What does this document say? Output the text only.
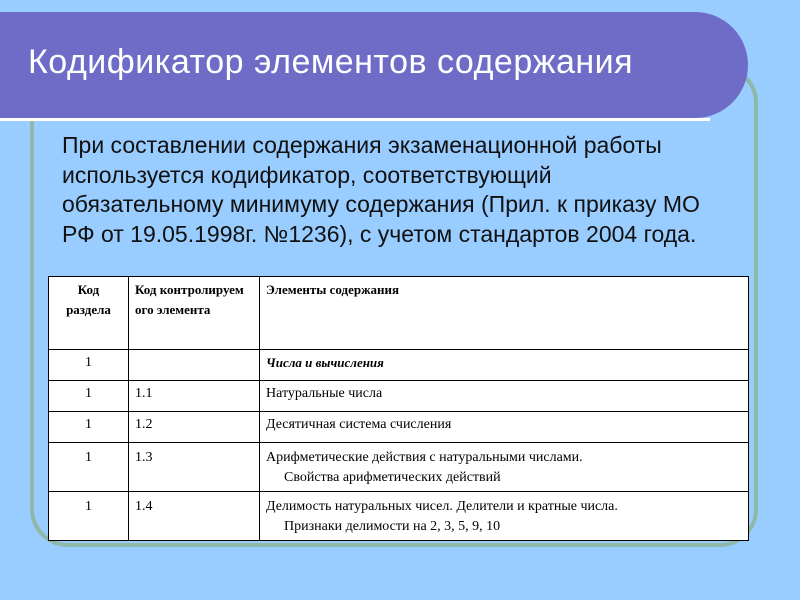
Кодификатор элементов содержания
При составлении содержания экзаменационной работы используется кодификатор, соответствующий обязательному минимуму содержания (Прил. к приказу МО РФ от 19.05.1998г. №1236), с учетом стандартов 2004 года.
Код раздела	Код контролируем ого элемента	Элементы содержания
1		Числа и вычисления
1	1.1	Натуральные числа
1	1.2	Десятичная система счисления
1	1.3	Арифметические действия с натуральными числами.
Свойства арифметических действий

1	1.4	Делимость натуральных чисел. Делители и кратные числа.
Признаки делимости на 2, 3, 5, 9, 10
